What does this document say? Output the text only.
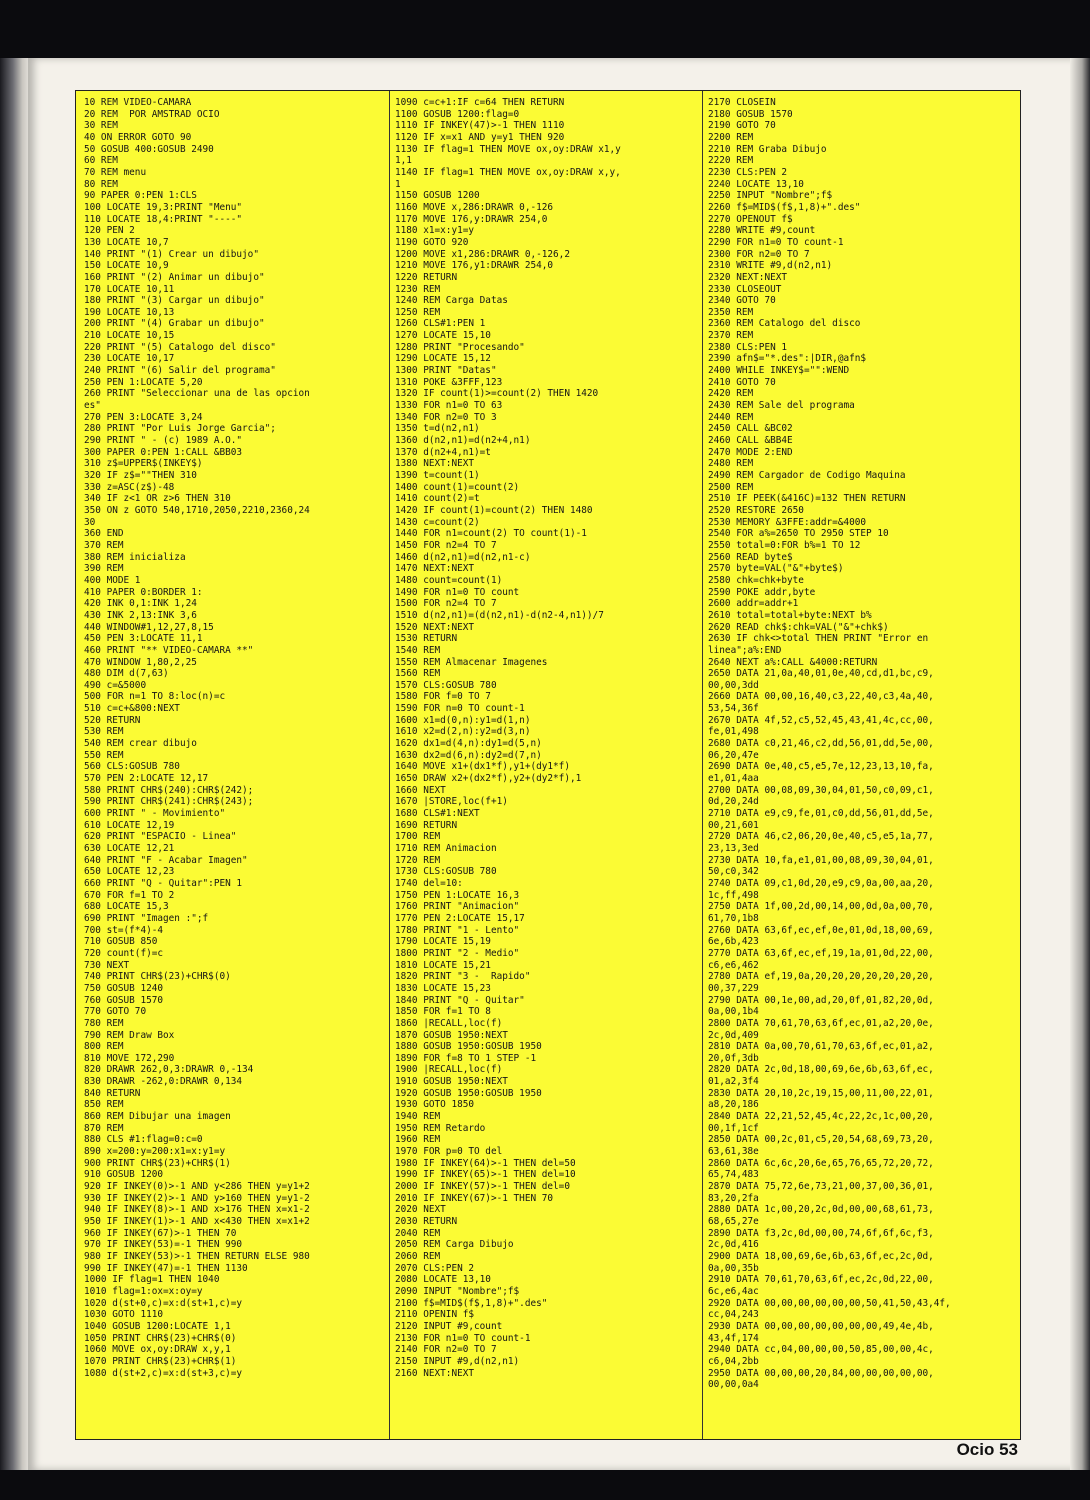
10 REM VIDEO-CAMARA
20 REM  POR AMSTRAD OCIO
30 REM
40 ON ERROR GOTO 90
50 GOSUB 400:GOSUB 2490
60 REM
70 REM menu
80 REM
90 PAPER 0:PEN 1:CLS
100 LOCATE 19,3:PRINT "Menu"
110 LOCATE 18,4:PRINT "----"
120 PEN 2
130 LOCATE 10,7
140 PRINT "(1) Crear un dibujo"
150 LOCATE 10,9
160 PRINT "(2) Animar un dibujo"
170 LOCATE 10,11
180 PRINT "(3) Cargar un dibujo"
190 LOCATE 10,13
200 PRINT "(4) Grabar un dibujo"
210 LOCATE 10,15
220 PRINT "(5) Catalogo del disco"
230 LOCATE 10,17
240 PRINT "(6) Salir del programa"
250 PEN 1:LOCATE 5,20
260 PRINT "Seleccionar una de las opcion
es"
270 PEN 3:LOCATE 3,24
280 PRINT "Por Luis Jorge Garcia";
290 PRINT " - (c) 1989 A.O."
300 PAPER 0:PEN 1:CALL &BB03
310 z$=UPPER$(INKEY$)
320 IF z$=""THEN 310
330 z=ASC(z$)-48
340 IF z<1 OR z>6 THEN 310
350 ON z GOTO 540,1710,2050,2210,2360,24
30
360 END
370 REM
380 REM inicializa
390 REM
400 MODE 1
410 PAPER 0:BORDER 1:
420 INK 0,1:INK 1,24
430 INK 2,13:INK 3,6
440 WINDOW#1,12,27,8,15
450 PEN 3:LOCATE 11,1
460 PRINT "** VIDEO-CAMARA **"
470 WINDOW 1,80,2,25
480 DIM d(7,63)
490 c=&5000
500 FOR n=1 TO 8:loc(n)=c
510 c=c+&800:NEXT
520 RETURN
530 REM
540 REM crear dibujo
550 REM
560 CLS:GOSUB 780
570 PEN 2:LOCATE 12,17
580 PRINT CHR$(240):CHR$(242);
590 PRINT CHR$(241):CHR$(243);
600 PRINT " - Movimiento"
610 LOCATE 12,19
620 PRINT "ESPACIO - Linea"
630 LOCATE 12,21
640 PRINT "F - Acabar Imagen"
650 LOCATE 12,23
660 PRINT "Q - Quitar":PEN 1
670 FOR f=1 TO 2
680 LOCATE 15,3
690 PRINT "Imagen :";f
700 st=(f*4)-4
710 GOSUB 850
720 count(f)=c
730 NEXT
740 PRINT CHR$(23)+CHR$(0)
750 GOSUB 1240
760 GOSUB 1570
770 GOTO 70
780 REM
790 REM Draw Box
800 REM
810 MOVE 172,290
820 DRAWR 262,0,3:DRAWR 0,-134
830 DRAWR -262,0:DRAWR 0,134
840 RETURN
850 REM
860 REM Dibujar una imagen
870 REM
880 CLS #1:flag=0:c=0
890 x=200:y=200:x1=x:y1=y
900 PRINT CHR$(23)+CHR$(1)
910 GOSUB 1200
920 IF INKEY(0)>-1 AND y<286 THEN y=y1+2
930 IF INKEY(2)>-1 AND y>160 THEN y=y1-2
940 IF INKEY(8)>-1 AND x>176 THEN x=x1-2
950 IF INKEY(1)>-1 AND x<430 THEN x=x1+2
960 IF INKEY(67)>-1 THEN 70
970 IF INKEY(53)=-1 THEN 990
980 IF INKEY(53)>-1 THEN RETURN ELSE 980
990 IF INKEY(47)=-1 THEN 1130
1000 IF flag=1 THEN 1040
1010 flag=1:ox=x:oy=y
1020 d(st+0,c)=x:d(st+1,c)=y
1030 GOTO 1110
1040 GOSUB 1200:LOCATE 1,1
1050 PRINT CHR$(23)+CHR$(0)
1060 MOVE ox,oy:DRAW x,y,1
1070 PRINT CHR$(23)+CHR$(1)
1080 d(st+2,c)=x:d(st+3,c)=y
1090 c=c+1:IF c=64 THEN RETURN
1100 GOSUB 1200:flag=0
1110 IF INKEY(47)>-1 THEN 1110
1120 IF x=x1 AND y=y1 THEN 920
1130 IF flag=1 THEN MOVE ox,oy:DRAW x1,y
1,1
1140 IF flag=1 THEN MOVE ox,oy:DRAW x,y,
1
1150 GOSUB 1200
1160 MOVE x,286:DRAWR 0,-126
1170 MOVE 176,y:DRAWR 254,0
1180 x1=x:y1=y
1190 GOTO 920
1200 MOVE x1,286:DRAWR 0,-126,2
1210 MOVE 176,y1:DRAWR 254,0
1220 RETURN
1230 REM
1240 REM Carga Datas
1250 REM
1260 CLS#1:PEN 1
1270 LOCATE 15,10
1280 PRINT "Procesando"
1290 LOCATE 15,12
1300 PRINT "Datas"
1310 POKE &3FFF,123
1320 IF count(1)>=count(2) THEN 1420
1330 FOR n1=0 TO 63
1340 FOR n2=0 TO 3
1350 t=d(n2,n1)
1360 d(n2,n1)=d(n2+4,n1)
1370 d(n2+4,n1)=t
1380 NEXT:NEXT
1390 t=count(1)
1400 count(1)=count(2)
1410 count(2)=t
1420 IF count(1)=count(2) THEN 1480
1430 c=count(2)
1440 FOR n1=count(2) TO count(1)-1
1450 FOR n2=4 TO 7
1460 d(n2,n1)=d(n2,n1-c)
1470 NEXT:NEXT
1480 count=count(1)
1490 FOR n1=0 TO count
1500 FOR n2=4 TO 7
1510 d(n2,n1)=(d(n2,n1)-d(n2-4,n1))/7
1520 NEXT:NEXT
1530 RETURN
1540 REM
1550 REM Almacenar Imagenes
1560 REM
1570 CLS:GOSUB 780
1580 FOR f=0 TO 7
1590 FOR n=0 TO count-1
1600 x1=d(0,n):y1=d(1,n)
1610 x2=d(2,n):y2=d(3,n)
1620 dx1=d(4,n):dy1=d(5,n)
1630 dx2=d(6,n):dy2=d(7,n)
1640 MOVE x1+(dx1*f),y1+(dy1*f)
1650 DRAW x2+(dx2*f),y2+(dy2*f),1
1660 NEXT
1670 |STORE,loc(f+1)
1680 CLS#1:NEXT
1690 RETURN
1700 REM
1710 REM Animacion
1720 REM
1730 CLS:GOSUB 780
1740 del=10:
1750 PEN 1:LOCATE 16,3
1760 PRINT "Animacion"
1770 PEN 2:LOCATE 15,17
1780 PRINT "1 - Lento"
1790 LOCATE 15,19
1800 PRINT "2 - Medio"
1810 LOCATE 15,21
1820 PRINT "3 -  Rapido"
1830 LOCATE 15,23
1840 PRINT "Q - Quitar"
1850 FOR f=1 TO 8
1860 |RECALL,loc(f)
1870 GOSUB 1950:NEXT
1880 GOSUB 1950:GOSUB 1950
1890 FOR f=8 TO 1 STEP -1
1900 |RECALL,loc(f)
1910 GOSUB 1950:NEXT
1920 GOSUB 1950:GOSUB 1950
1930 GOTO 1850
1940 REM
1950 REM Retardo
1960 REM
1970 FOR p=0 TO del
1980 IF INKEY(64)>-1 THEN del=50
1990 IF INKEY(65)>-1 THEN del=10
2000 IF INKEY(57)>-1 THEN del=0
2010 IF INKEY(67)>-1 THEN 70
2020 NEXT
2030 RETURN
2040 REM
2050 REM Carga Dibujo
2060 REM
2070 CLS:PEN 2
2080 LOCATE 13,10
2090 INPUT "Nombre";f$
2100 f$=MID$(f$,1,8)+".des"
2110 OPENIN f$
2120 INPUT #9,count
2130 FOR n1=0 TO count-1
2140 FOR n2=0 TO 7
2150 INPUT #9,d(n2,n1)
2160 NEXT:NEXT
2170 CLOSEIN
2180 GOSUB 1570
2190 GOTO 70
2200 REM
2210 REM Graba Dibujo
2220 REM
2230 CLS:PEN 2
2240 LOCATE 13,10
2250 INPUT "Nombre";f$
2260 f$=MID$(f$,1,8)+".des"
2270 OPENOUT f$
2280 WRITE #9,count
2290 FOR n1=0 TO count-1
2300 FOR n2=0 TO 7
2310 WRITE #9,d(n2,n1)
2320 NEXT:NEXT
2330 CLOSEOUT
2340 GOTO 70
2350 REM
2360 REM Catalogo del disco
2370 REM
2380 CLS:PEN 1
2390 afn$="*.des":|DIR,@afn$
2400 WHILE INKEY$="":WEND
2410 GOTO 70
2420 REM
2430 REM Sale del programa
2440 REM
2450 CALL &BC02
2460 CALL &BB4E
2470 MODE 2:END
2480 REM
2490 REM Cargador de Codigo Maquina
2500 REM
2510 IF PEEK(&416C)=132 THEN RETURN
2520 RESTORE 2650
2530 MEMORY &3FFE:addr=&4000
2540 FOR a%=2650 TO 2950 STEP 10
2550 total=0:FOR b%=1 TO 12
2560 READ byte$
2570 byte=VAL("&"+byte$)
2580 chk=chk+byte
2590 POKE addr,byte
2600 addr=addr+1
2610 total=total+byte:NEXT b%
2620 READ chk$:chk=VAL("&"+chk$)
2630 IF chk<>total THEN PRINT "Error en
linea";a%:END
2640 NEXT a%:CALL &4000:RETURN
2650 DATA 21,0a,40,01,0e,40,cd,d1,bc,c9,
00,00,3dd
2660 DATA 00,00,16,40,c3,22,40,c3,4a,40,
53,54,36f
2670 DATA 4f,52,c5,52,45,43,41,4c,cc,00,
fe,01,498
2680 DATA c0,21,46,c2,dd,56,01,dd,5e,00,
06,20,47e
2690 DATA 0e,40,c5,e5,7e,12,23,13,10,fa,
e1,01,4aa
2700 DATA 00,08,09,30,04,01,50,c0,09,c1,
0d,20,24d
2710 DATA e9,c9,fe,01,c0,dd,56,01,dd,5e,
00,21,601
2720 DATA 46,c2,06,20,0e,40,c5,e5,1a,77,
23,13,3ed
2730 DATA 10,fa,e1,01,00,08,09,30,04,01,
50,c0,342
2740 DATA 09,c1,0d,20,e9,c9,0a,00,aa,20,
1c,ff,498
2750 DATA 1f,00,2d,00,14,00,0d,0a,00,70,
61,70,1b8
2760 DATA 63,6f,ec,ef,0e,01,0d,18,00,69,
6e,6b,423
2770 DATA 63,6f,ec,ef,19,1a,01,0d,22,00,
c6,e6,462
2780 DATA ef,19,0a,20,20,20,20,20,20,20,
00,37,229
2790 DATA 00,1e,00,ad,20,0f,01,82,20,0d,
0a,00,1b4
2800 DATA 70,61,70,63,6f,ec,01,a2,20,0e,
2c,0d,409
2810 DATA 0a,00,70,61,70,63,6f,ec,01,a2,
20,0f,3db
2820 DATA 2c,0d,18,00,69,6e,6b,63,6f,ec,
01,a2,3f4
2830 DATA 20,10,2c,19,15,00,11,00,22,01,
a8,20,186
2840 DATA 22,21,52,45,4c,22,2c,1c,00,20,
00,1f,1cf
2850 DATA 00,2c,01,c5,20,54,68,69,73,20,
63,61,38e
2860 DATA 6c,6c,20,6e,65,76,65,72,20,72,
65,74,483
2870 DATA 75,72,6e,73,21,00,37,00,36,01,
83,20,2fa
2880 DATA 1c,00,20,2c,0d,00,00,68,61,73,
68,65,27e
2890 DATA f3,2c,0d,00,00,74,6f,6f,6c,f3,
2c,0d,416
2900 DATA 18,00,69,6e,6b,63,6f,ec,2c,0d,
0a,00,35b
2910 DATA 70,61,70,63,6f,ec,2c,0d,22,00,
6c,e6,4ac
2920 DATA 00,00,00,00,00,00,50,41,50,43,4f,
cc,04,243
2930 DATA 00,00,00,00,00,00,00,49,4e,4b,
43,4f,174
2940 DATA cc,04,00,00,00,50,85,00,00,4c,
c6,04,2bb
2950 DATA 00,00,00,20,84,00,00,00,00,00,
00,00,0a4
Ocio 53
